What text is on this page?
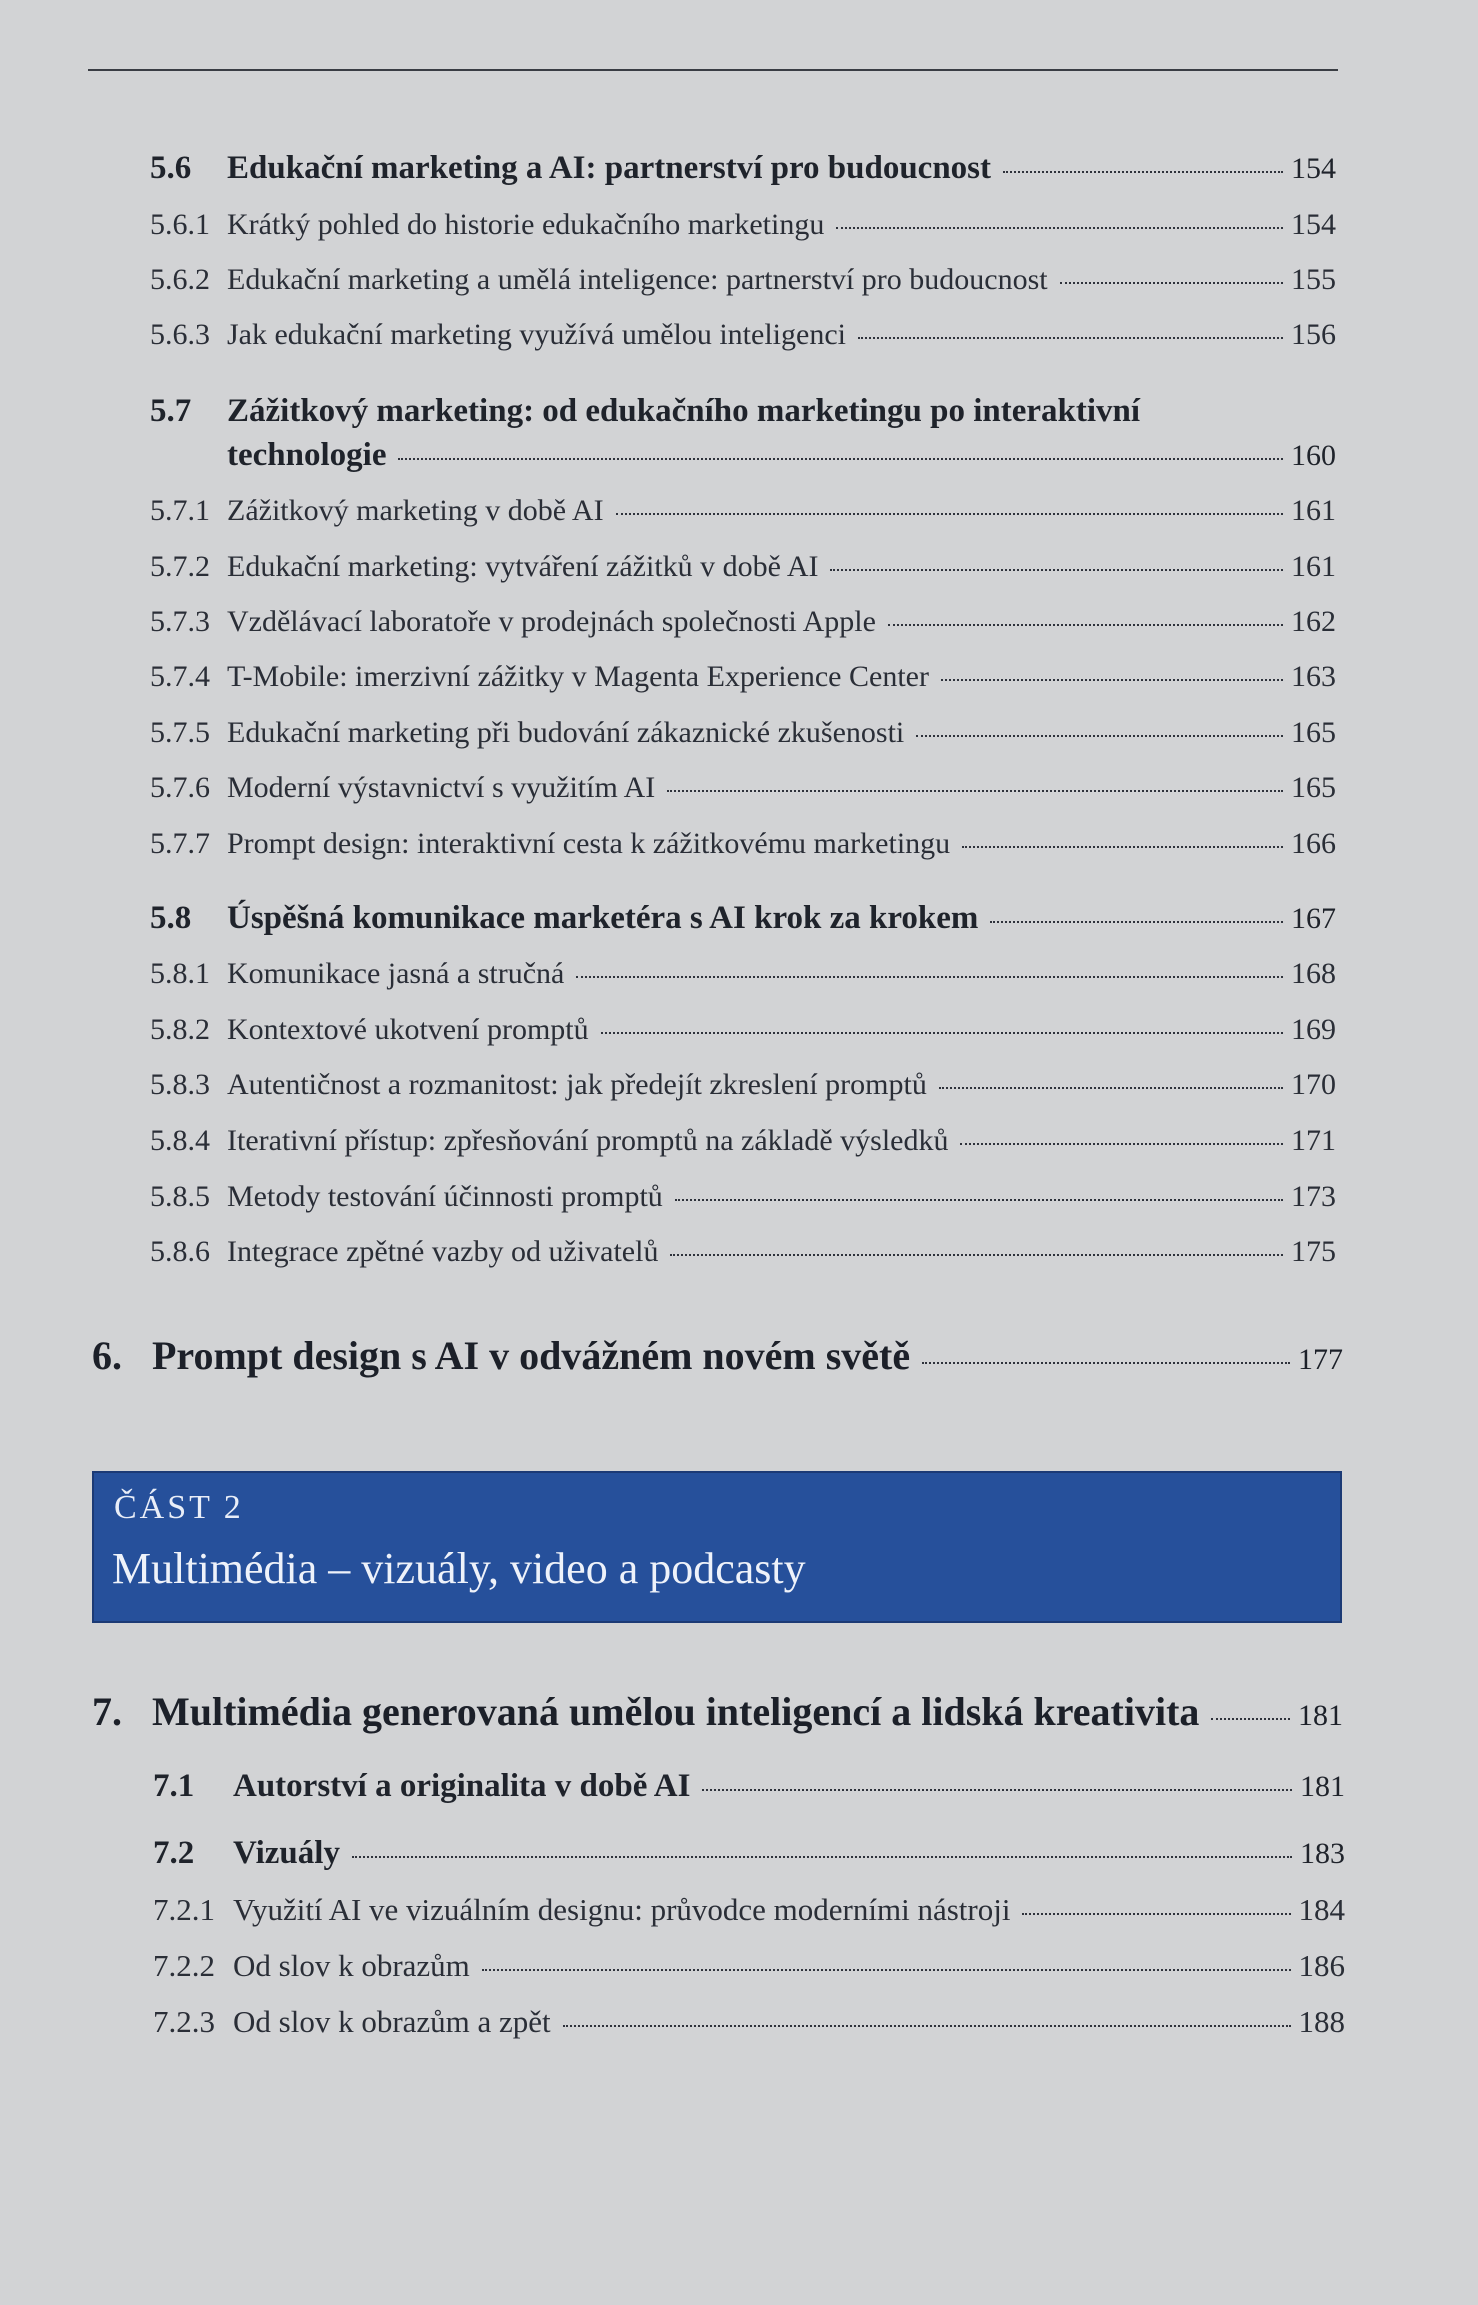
5.6	Edukační marketing a AI: partnerství pro budoucnost	154
5.6.1 Krátký pohled do historie edukačního marketingu	154
5.6.2 Edukační marketing a umělá inteligence: partnerství pro budoucnost	155
5.6.3 Jak edukační marketing využívá umělou inteligenci	156
5.7	Zážitkový marketing: od edukačního marketingu po interaktivní
technologie	160
5.7.1 Zážitkový marketing v době AI	161
5.7.2 Edukační marketing: vytváření zážitků v době AI	161
5.7.3 Vzdělávací laboratoře v prodejnách společnosti Apple	162
5.7.4 T-Mobile: imerzivní zážitky v Magenta Experience Center	163
5.7.5 Edukační marketing při budování zákaznické zkušenosti	165
5.7.6 Moderní výstavnictví s využitím AI	165
5.7.7 Prompt design: interaktivní cesta k zážitkovému marketingu	166
5.8	Úspěšná komunikace marketéra s AI krok za krokem	167
5.8.1 Komunikace jasná a stručná	168
5.8.2 Kontextové ukotvení promptů	169
5.8.3 Autentičnost a rozmanitost: jak předejít zkreslení promptů	170
5.8.4 Iterativní přístup: zpřesňování promptů na základě výsledků	171
5.8.5 Metody testování účinnosti promptů	173
5.8.6 Integrace zpětné vazby od uživatelů	175
6. Prompt design s AI v odvážném novém světě	177
ČÁST 2
Multimédia – vizuály, video a podcasty
7. Multimédia generovaná umělou inteligencí a lidská kreativita	181
7.1	Autorství a originalita v době AI	181
7.2	Vizuály	183
7.2.1 Využití AI ve vizuálním designu: průvodce moderními nástroji	184
7.2.2 Od slov k obrazům	186
7.2.3 Od slov k obrazům a zpět	188
